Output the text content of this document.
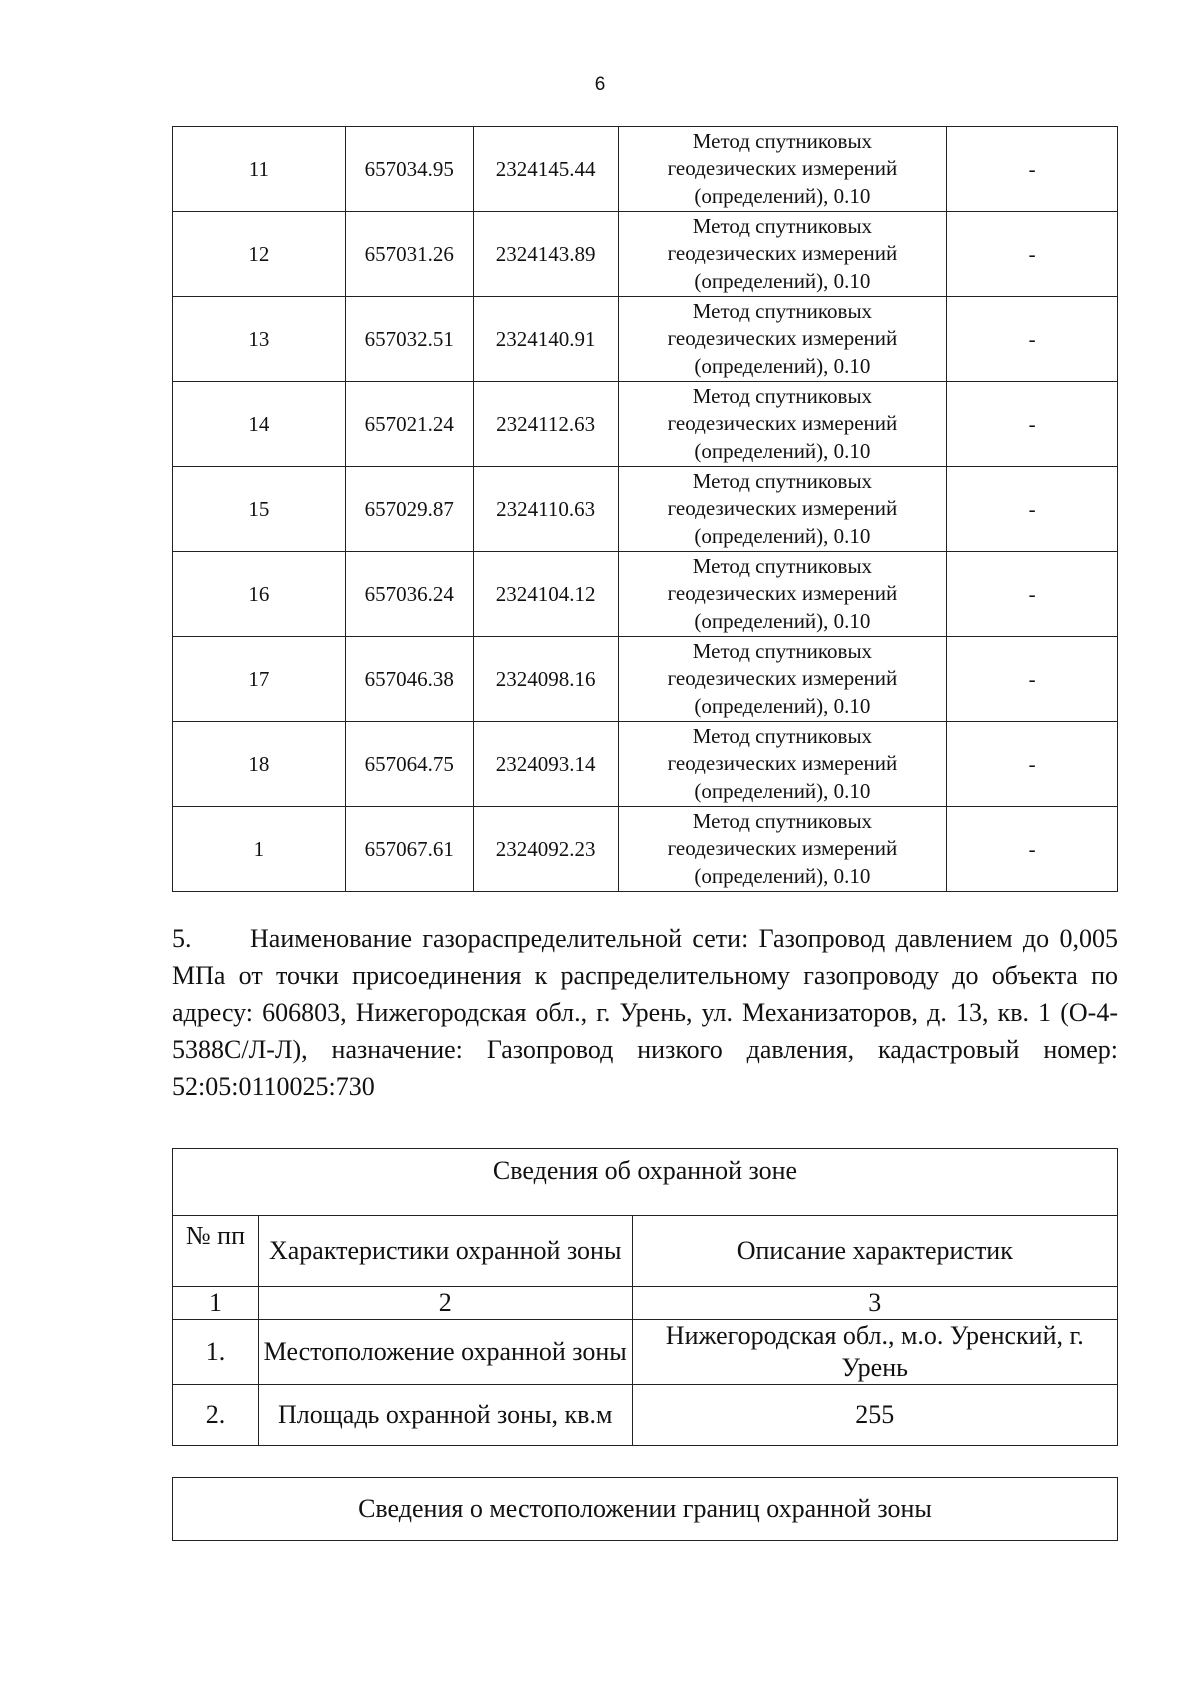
6
11	657034.95	2324145.44	Метод спутниковых
геодезических измерений
(определений), 0.10	-
12	657031.26	2324143.89	Метод спутниковых
геодезических измерений
(определений), 0.10	-
13	657032.51	2324140.91	Метод спутниковых
геодезических измерений
(определений), 0.10	-
14	657021.24	2324112.63	Метод спутниковых
геодезических измерений
(определений), 0.10	-
15	657029.87	2324110.63	Метод спутниковых
геодезических измерений
(определений), 0.10	-
16	657036.24	2324104.12	Метод спутниковых
геодезических измерений
(определений), 0.10	-
17	657046.38	2324098.16	Метод спутниковых
геодезических измерений
(определений), 0.10	-
18	657064.75	2324093.14	Метод спутниковых
геодезических измерений
(определений), 0.10	-
1	657067.61	2324092.23	Метод спутниковых
геодезических измерений
(определений), 0.10	-

5. Наименование газораспределительной сети: Газопровод давлением до 0,005 МПа от точки присоединения к распределительному газопроводу до объекта по адресу: 606803, Нижегородская обл., г. Урень, ул. Механизаторов, д. 13, кв. 1 (О-4-5388С/Л-Л), назначение: Газопровод низкого давления, кадастровый номер: 52:05:0110025:730

Сведения об охранной зоне		
№ пп	Характеристики охранной зоны	Описание характеристик
1	2	3
1.	Местоположение охранной зоны	Нижегородская обл., м.о. Уренский, г. Урень
2.	Площадь охранной зоны, кв.м	255
Сведения о местоположении границ охранной зоны
